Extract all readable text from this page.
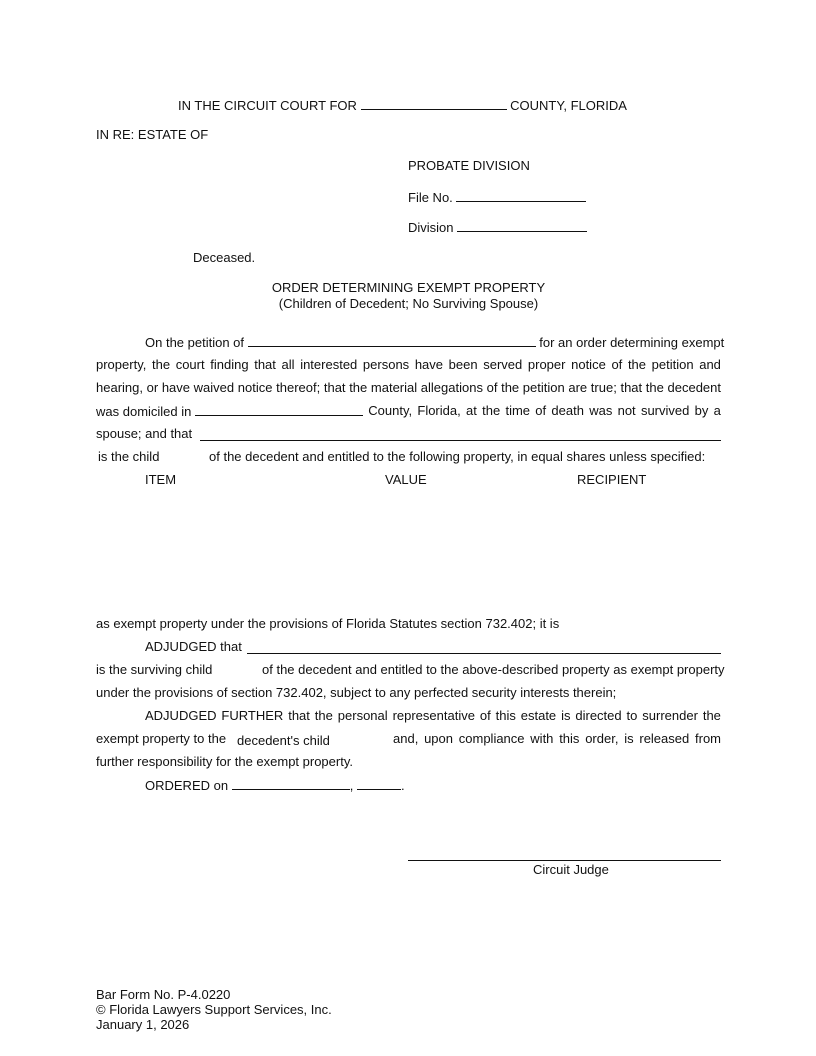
IN THE CIRCUIT COURT FOR	COUNTY, FLORIDA
IN RE: ESTATE OF
PROBATE DIVISION
File No.
Division
Deceased.
ORDER DETERMINING EXEMPT PROPERTY
(Children of Decedent; No Surviving Spouse)
On the petition of	for an order determining exempt
property, the court finding that all interested persons have been served proper notice of the petition and
hearing, or have waived notice thereof; that the material allegations of the petition are true; that the decedent
was domiciled in	County, Florida, at the time of death was not survived by a
spouse; and that
is the child	of the decedent and entitled to the following property, in equal shares unless specified:
ITEM	VALUE	RECIPIENT
as exempt property under the provisions of Florida Statutes section 732.402; it is
ADJUDGED that
is the surviving child	of the decedent and entitled to the above-described property as exempt property
under the provisions of section 732.402, subject to any perfected security interests therein;
ADJUDGED FURTHER that the personal representative of this estate is directed to surrender the
exempt property to the decedent's child	and, upon compliance with this order, is released from
further responsibility for the exempt property.
ORDERED on	,	.
Circuit Judge
Bar Form No. P-4.0220
© Florida Lawyers Support Services, Inc.
January 1, 2026
